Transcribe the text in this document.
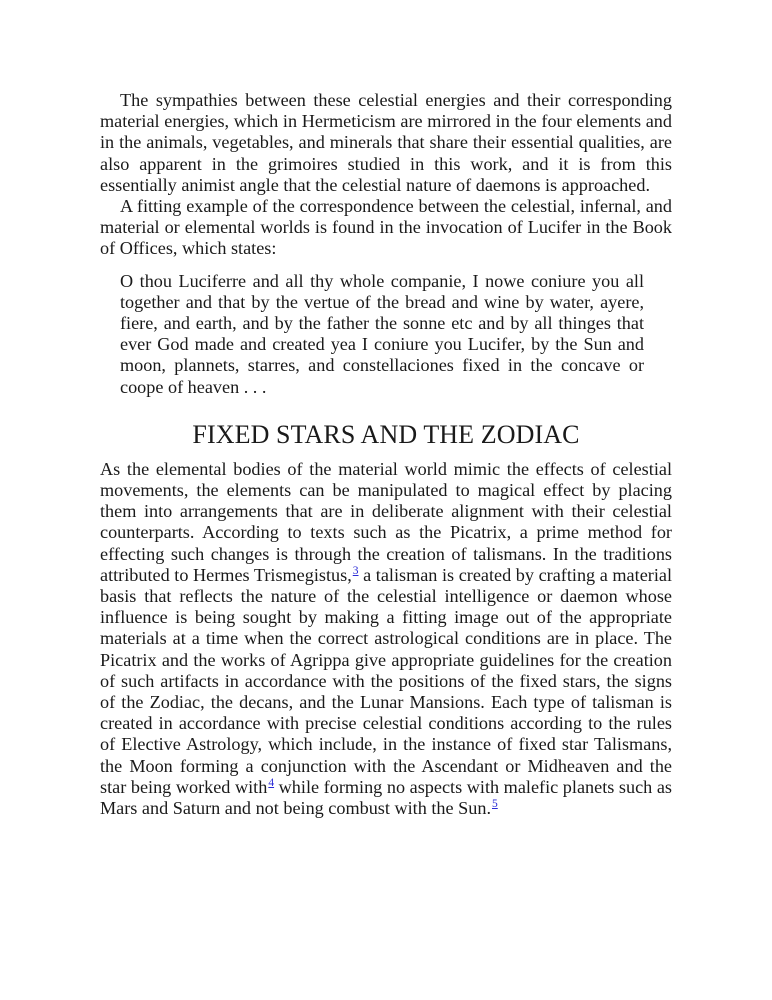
The sympathies between these celestial energies and their corresponding material energies, which in Hermeticism are mirrored in the four elements and in the animals, vegetables, and minerals that share their essential qualities, are also apparent in the grimoires studied in this work, and it is from this essentially animist angle that the celestial nature of daemons is approached.

A fitting example of the correspondence between the celestial, infernal, and material or elemental worlds is found in the invocation of Lucifer in the Book of Offices, which states:

O thou Luciferre and all thy whole companie, I nowe coniure you all together and that by the vertue of the bread and wine by water, ayere, fiere, and earth, and by the father the sonne etc and by all thinges that ever God made and created yea I coniure you Lucifer, by the Sun and moon, plannets, starres, and constellaciones fixed in the concave or coope of heaven . . .
FIXED STARS AND THE ZODIAC

As the elemental bodies of the material world mimic the effects of celestial movements, the elements can be manipulated to magical effect by placing them into arrangements that are in deliberate alignment with their celestial counterparts. According to texts such as the Picatrix, a prime method for effecting such changes is through the creation of talismans. In the traditions attributed to Hermes Trismegistus,3 a talisman is created by crafting a material basis that reflects the nature of the celestial intelligence or daemon whose influence is being sought by making a fitting image out of the appropriate materials at a time when the correct astrological conditions are in place. The Picatrix and the works of Agrippa give appropriate guidelines for the creation of such artifacts in accordance with the positions of the fixed stars, the signs of the Zodiac, the decans, and the Lunar Mansions. Each type of talisman is created in accordance with precise celestial conditions according to the rules of Elective Astrology, which include, in the instance of fixed star Talismans, the Moon forming a conjunction with the Ascendant or Midheaven and the star being worked with4 while forming no aspects with malefic planets such as Mars and Saturn and not being combust with the Sun.5
